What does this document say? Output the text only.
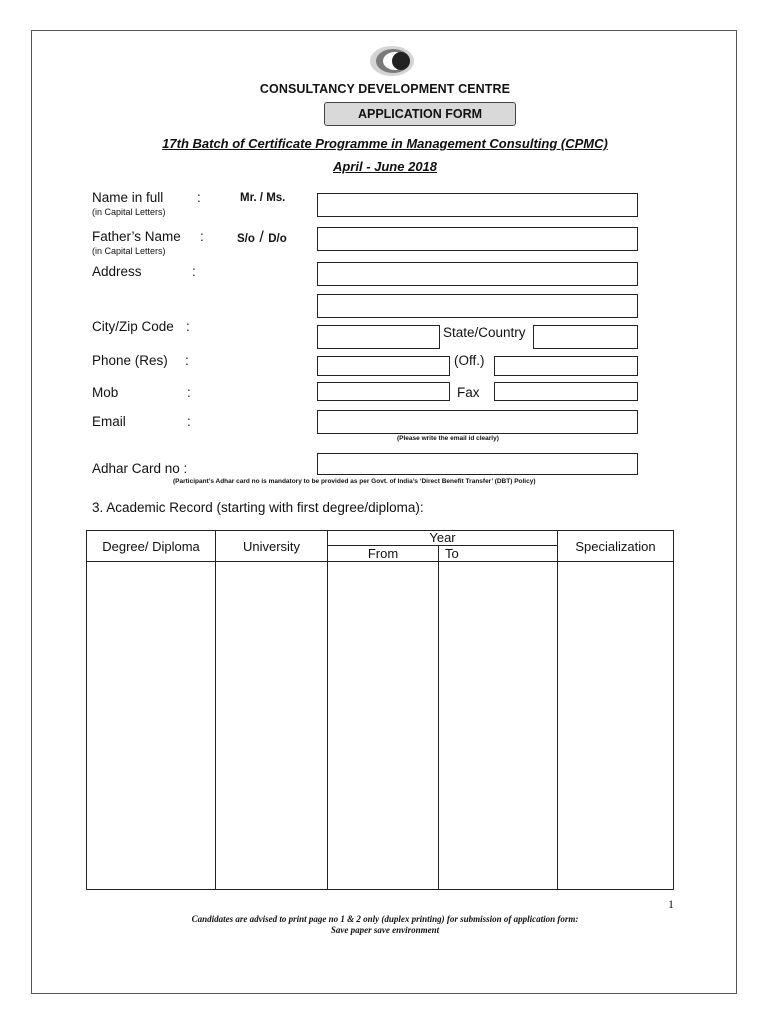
CONSULTANCY DEVELOPMENT CENTRE
APPLICATION FORM
17th Batch of Certificate Programme in Management Consulting (CPMC)
April - June 2018
Name in full :
(in Capital Letters)
Mr. / Ms.
Father’s Name :
(in Capital Letters)
S/o / D/o
Address	:
City/Zip Code :	State/Country
Phone (Res) :	(Off.)
Mob	:	Fax
Email	:
(Please write the email id clearly)
Adhar Card no :
(Participant’s Adhar card no is mandatory to be provided as per Govt. of India’s ‘Direct Benefit Transfer’ (DBT) Policy)
3. Academic Record (starting with first degree/diploma):
Degree/ Diploma	University	Year		Specialization
		From	To	

1
Candidates are advised to print page no 1 & 2 only (duplex printing) for submission of application form:
Save paper save environment
